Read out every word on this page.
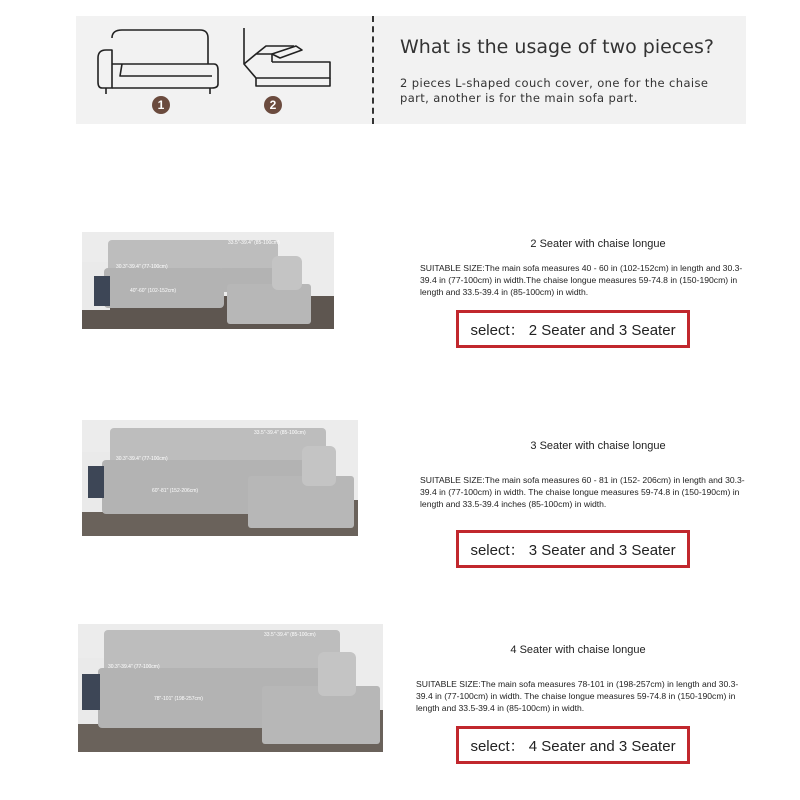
1	2
What is the usage of two pieces?
2 pieces L-shaped couch cover, one for the chaise part, another is for the main sofa part.
30.3"-39.4" (77-100cm)
40"-60" (102-152cm)
33.5"-39.4" (85-100cm)	2 Seater with chaise longue
SUITABLE SIZE:The main sofa measures 40 - 60 in (102-152cm) in length and 30.3-39.4 in (77-100cm) in width.The chaise longue measures 59-74.8 in (150-190cm) in length and 33.5-39.4 in (85-100cm) in width.
select： 2 Seater and 3 Seater
30.3"-39.4" (77-100cm)
60"-81" (152-206cm)
33.5"-39.4" (85-100cm)
3 Seater with chaise longue
SUITABLE SIZE:The main sofa measures 60 - 81 in (152- 206cm) in length and 30.3-39.4 in (77-100cm) in width. The chaise longue measures 59-74.8 in (150-190cm) in length and 33.5-39.4 inches (85-100cm) in width.
select： 3 Seater and 3 Seater
30.3"-39.4" (77-100cm)
78"-101" (198-257cm)
33.5"-39.4" (85-100cm)
4 Seater with chaise longue
SUITABLE SIZE:The main sofa measures 78-101 in (198-257cm) in length and 30.3-39.4 in (77-100cm) in width. The chaise longue measures 59-74.8 in (150-190cm) in length and 33.5-39.4 in (85-100cm) in width.
select： 4 Seater and 3 Seater
